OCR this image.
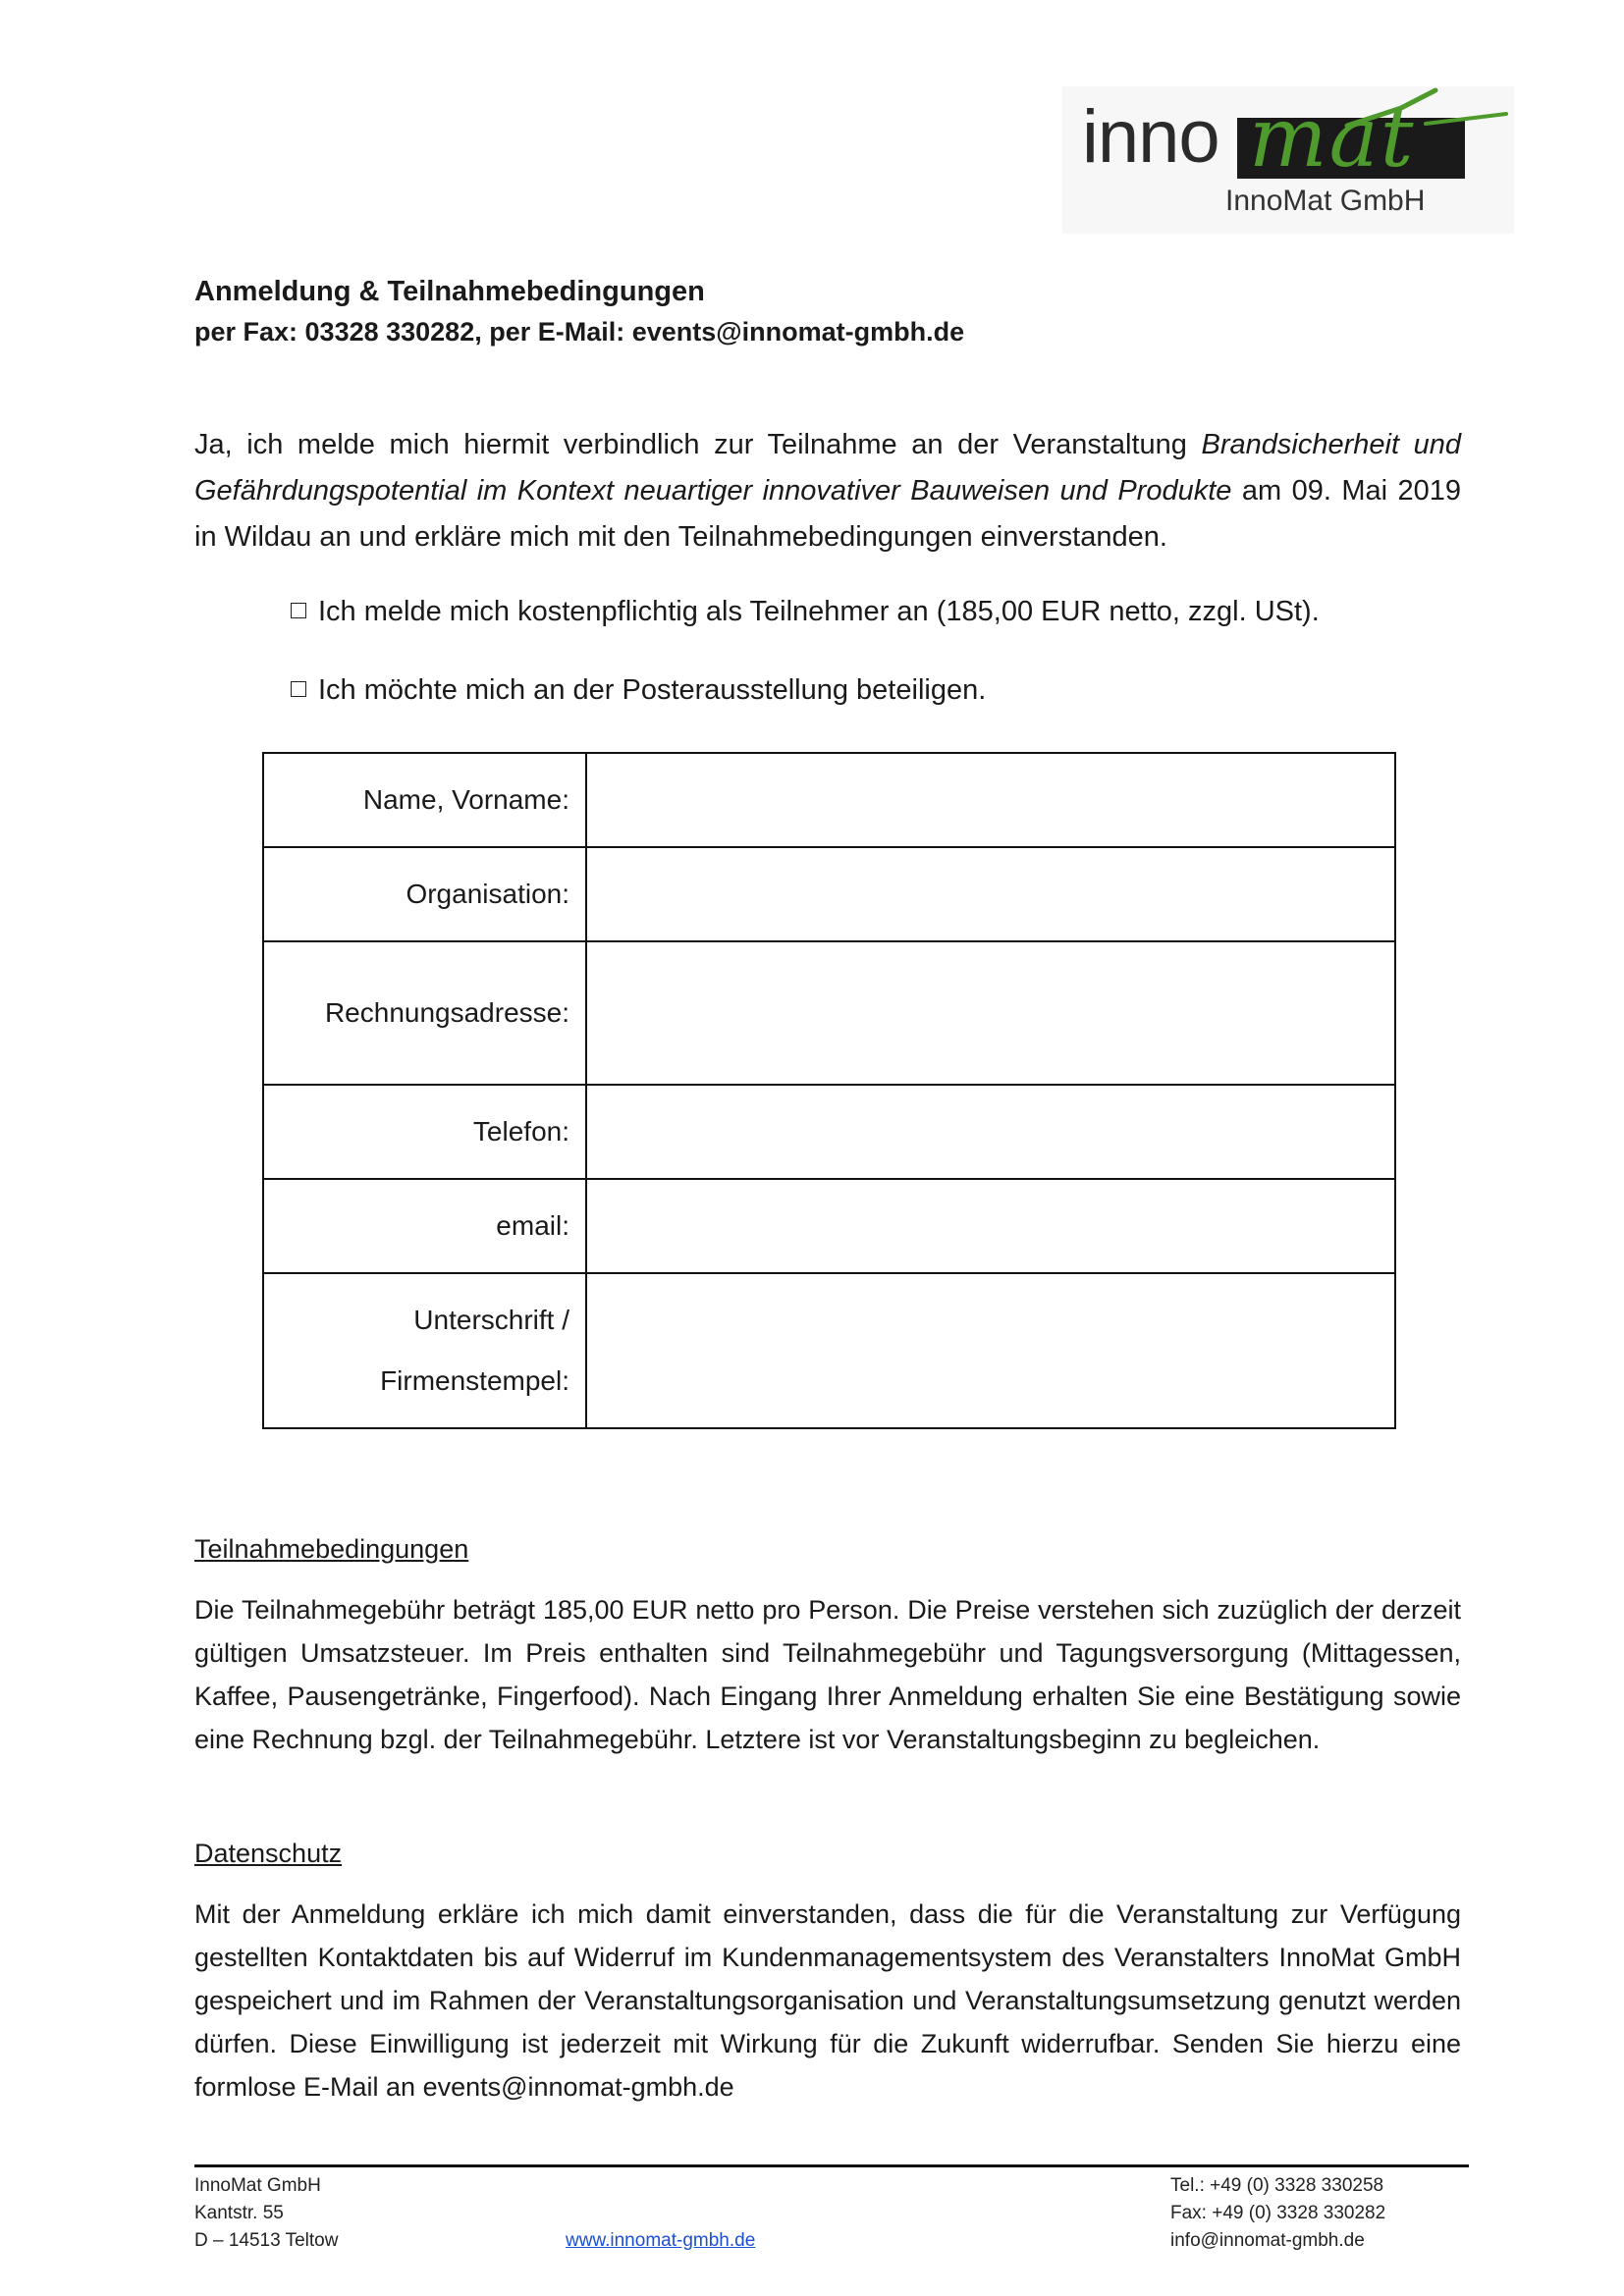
inno mat
InnoMat GmbH
Anmeldung & Teilnahmebedingungen
per Fax: 03328 330282, per E-Mail: events@innomat-gmbh.de
Ja, ich melde mich hiermit verbindlich zur Teilnahme an der Veranstaltung Brandsicherheit und Gefährdungspotential im Kontext neuartiger innovativer Bauweisen und Produkte am 09. Mai 2019 in Wildau an und erkläre mich mit den Teilnahmebedingungen einverstanden.
Ich melde mich kostenpflichtig als Teilnehmer an (185,00 EUR netto, zzgl. USt).
Ich möchte mich an der Posterausstellung beteiligen.
Name, Vorname:	
Organisation:	
Rechnungsadresse:	
Telefon:	
email:	
Unterschrift /
Firmenstempel:	
Teilnahmebedingungen
Die Teilnahmegebühr beträgt 185,00 EUR netto pro Person. Die Preise verstehen sich zuzüglich der derzeit gültigen Umsatzsteuer. Im Preis enthalten sind Teilnahmegebühr und Tagungsversorgung (Mittagessen, Kaffee, Pausengetränke, Fingerfood). Nach Eingang Ihrer Anmeldung erhalten Sie eine Bestätigung sowie eine Rechnung bzgl. der Teilnahmegebühr. Letztere ist vor Veranstaltungsbeginn zu begleichen.
Datenschutz
Mit der Anmeldung erkläre ich mich damit einverstanden, dass die für die Veranstaltung zur Verfügung gestellten Kontaktdaten bis auf Widerruf im Kundenmanagementsystem des Veranstalters InnoMat GmbH gespeichert und im Rahmen der Veranstaltungsorganisation und Veranstaltungsumsetzung genutzt werden dürfen. Diese Einwilligung ist jederzeit mit Wirkung für die Zukunft widerrufbar. Senden Sie hierzu eine formlose E-Mail an events@innomat-gmbh.de
InnoMat GmbH
Kantstr. 55
D – 14513 Teltow	www.innomat-gmbh.de
Tel.: +49 (0) 3328 330258
Fax: +49 (0) 3328 330282
info@innomat-gmbh.de
